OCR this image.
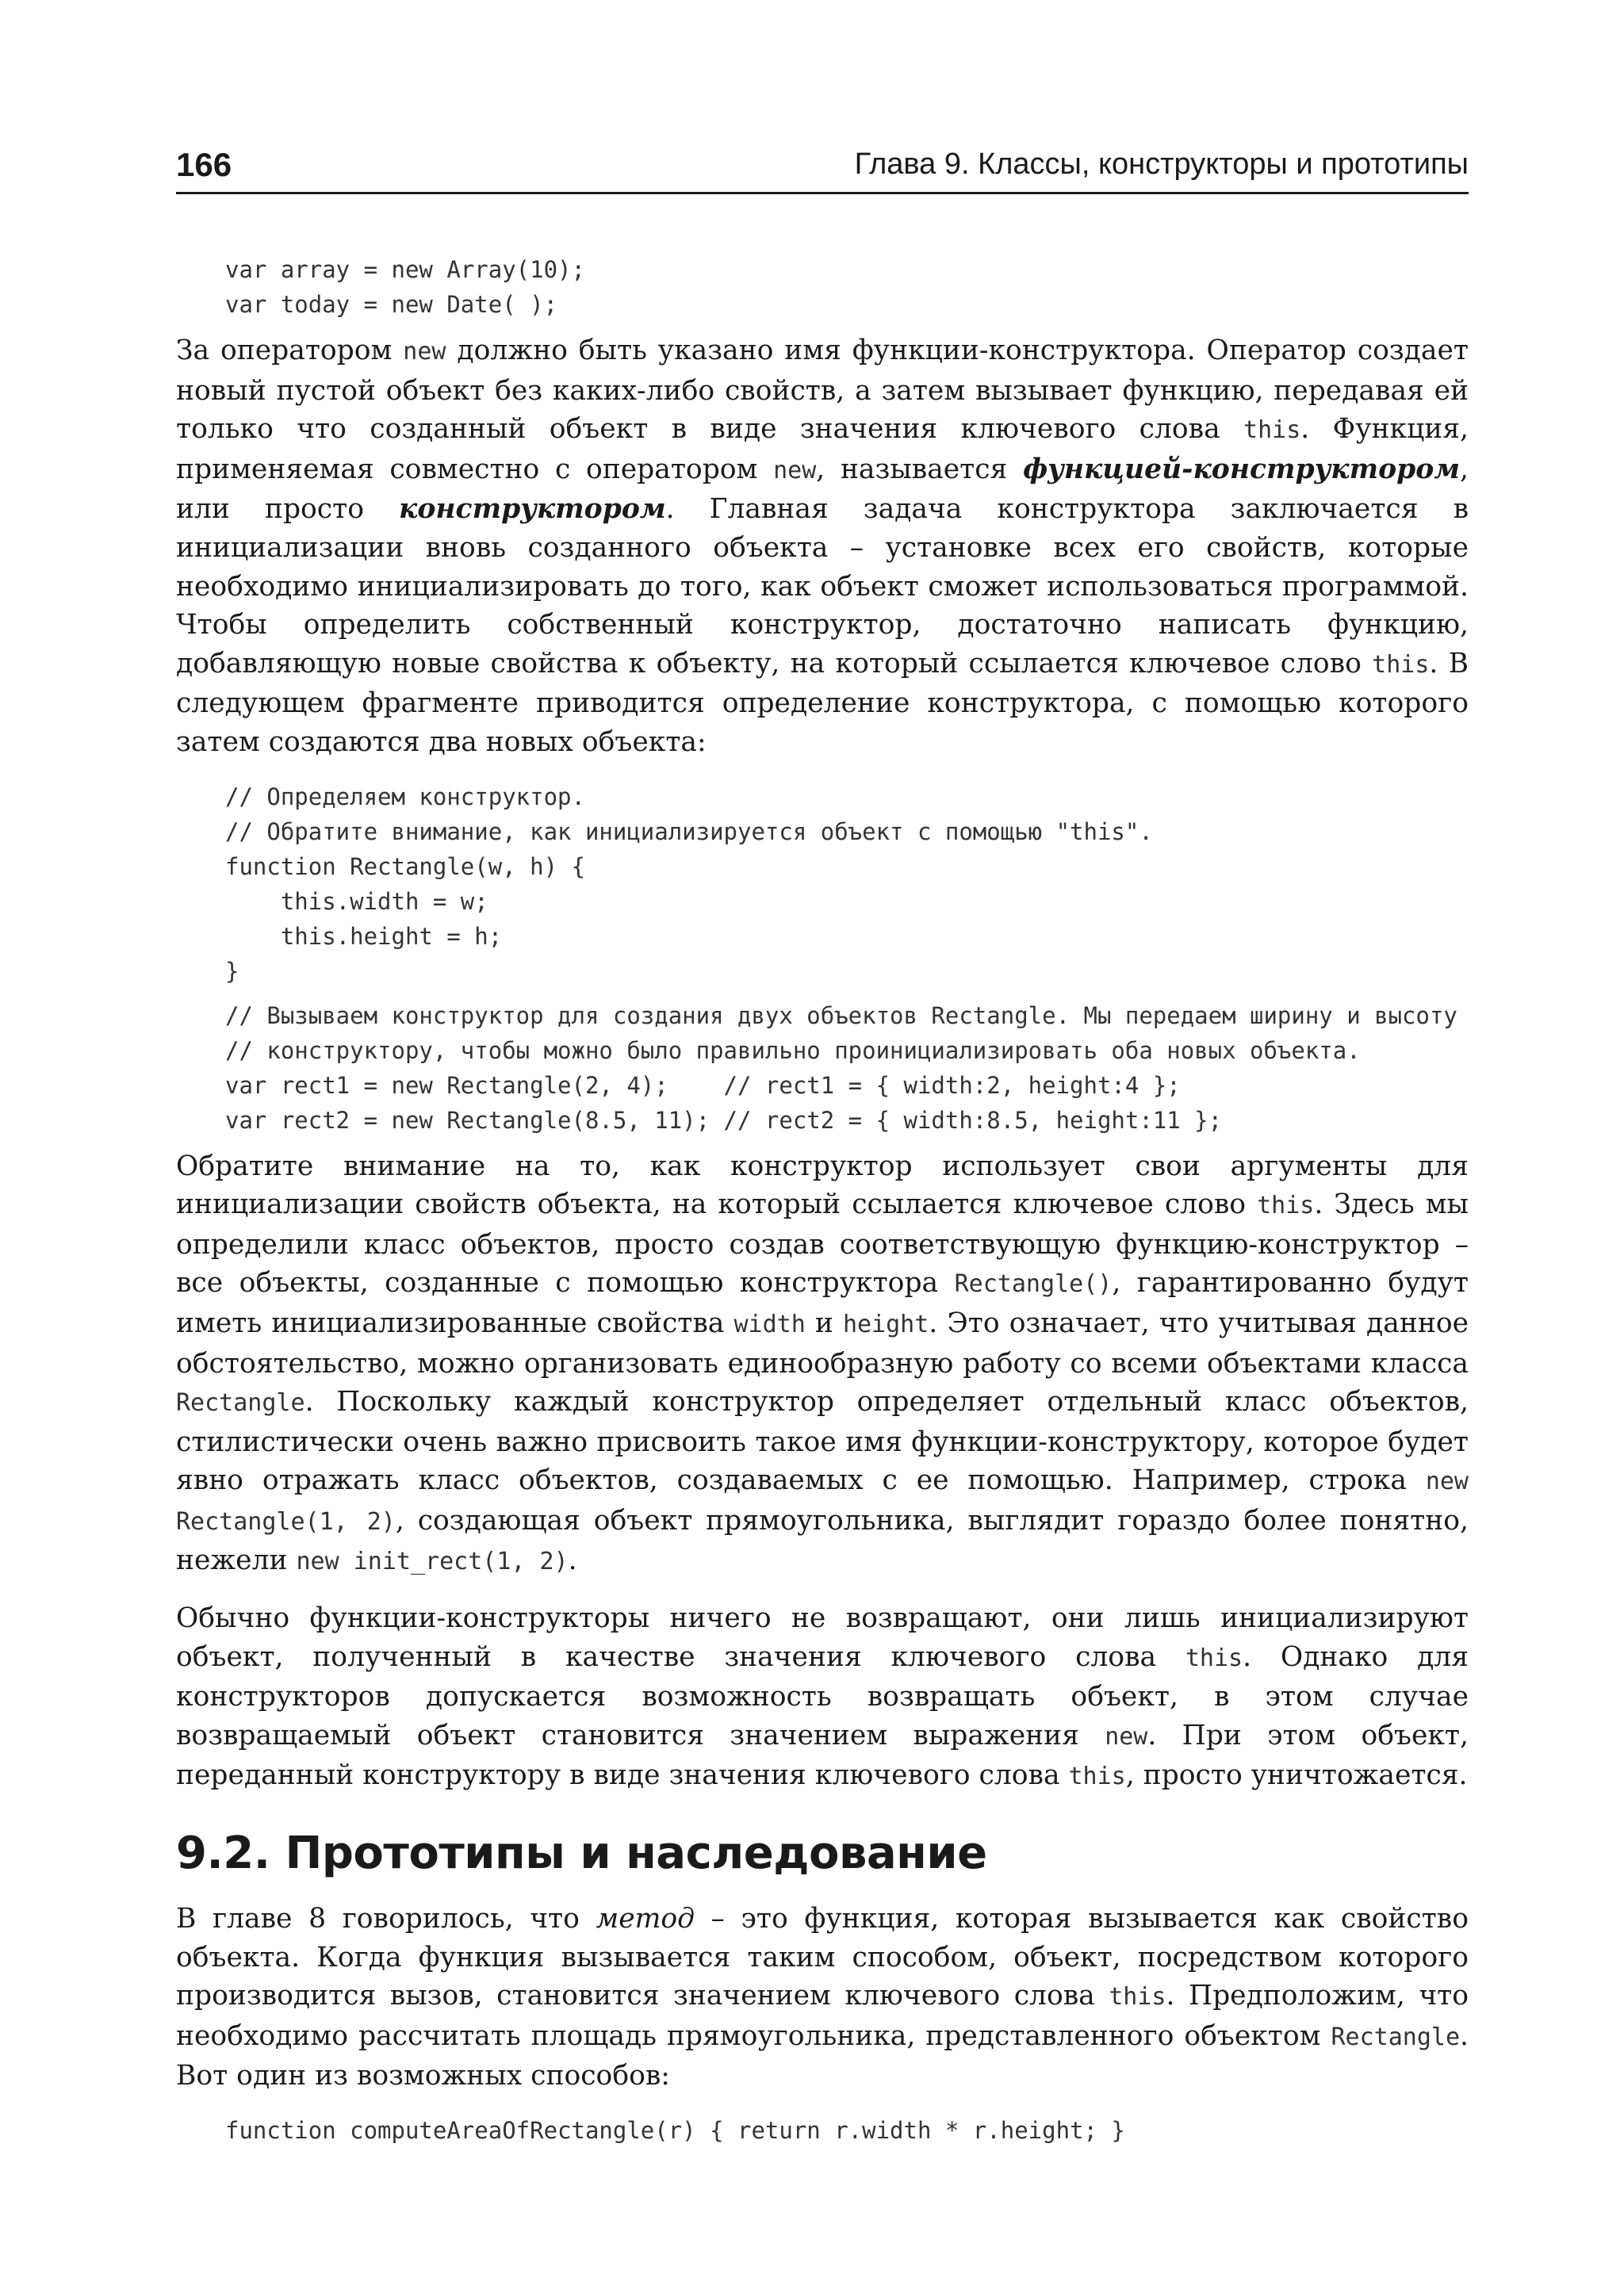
166	Глава 9. Классы, конструкторы и прототипы
var array = new Array(10);
var today = new Date( );

За оператором new должно быть указано имя функции-конструктора. Оператор создает новый пустой объект без каких-либо свойств, а затем вызывает функцию, передавая ей только что созданный объект в виде значения ключевого слова this. Функция, применяемая совместно с оператором new, называется функцией-конструктором, или просто конструктором. Главная задача конструктора заключается в инициализации вновь созданного объекта – установке всех его свойств, которые необходимо инициализировать до того, как объект сможет использоваться программой. Чтобы определить собственный конструктор, достаточно написать функцию, добавляющую новые свойства к объекту, на который ссылается ключевое слово this. В следующем фрагменте приводится определение конструктора, с помощью которого затем создаются два новых объекта:

// Определяем конструктор.
// Обратите внимание, как инициализируется объект с помощью "this".
function Rectangle(w, h) {
this.width = w;
this.height = h;
}
// Вызываем конструктор для создания двух объектов Rectangle. Мы передаем ширину и высоту
// конструктору, чтобы можно было правильно проинициализировать оба новых объекта.
var rect1 = new Rectangle(2, 4);    // rect1 = { width:2, height:4 };
var rect2 = new Rectangle(8.5, 11); // rect2 = { width:8.5, height:11 };

Обратите внимание на то, как конструктор использует свои аргументы для инициализации свойств объекта, на который ссылается ключевое слово this. Здесь мы определили класс объектов, просто создав соответствующую функцию-конструктор – все объекты, созданные с помощью конструктора Rectangle(), гарантированно будут иметь инициализированные свойства width и height. Это означает, что учитывая данное обстоятельство, можно организовать единообразную работу со всеми объектами класса Rectangle. Поскольку каждый конструктор определяет отдельный класс объектов, стилистически очень важно присвоить такое имя функции-конструктору, которое будет явно отражать класс объектов, создаваемых с ее помощью. Например, строка new Rectangle(1, 2), создающая объект прямоугольника, выглядит гораздо более понятно, нежели new init_rect(1, 2).

Обычно функции-конструкторы ничего не возвращают, они лишь инициализируют объект, полученный в качестве значения ключевого слова this. Однако для конструкторов допускается возможность возвращать объект, в этом случае возвращаемый объект становится значением выражения new. При этом объект, переданный конструктору в виде значения ключевого слова this, просто уничтожается.

9.2. Прототипы и наследование

В главе 8 говорилось, что метод – это функция, которая вызывается как свойство объекта. Когда функция вызывается таким способом, объект, посредством которого производится вызов, становится значением ключевого слова this. Предположим, что необходимо рассчитать площадь прямоугольника, представленного объектом Rectangle. Вот один из возможных способов:

function computeAreaOfRectangle(r) { return r.width * r.height; }
